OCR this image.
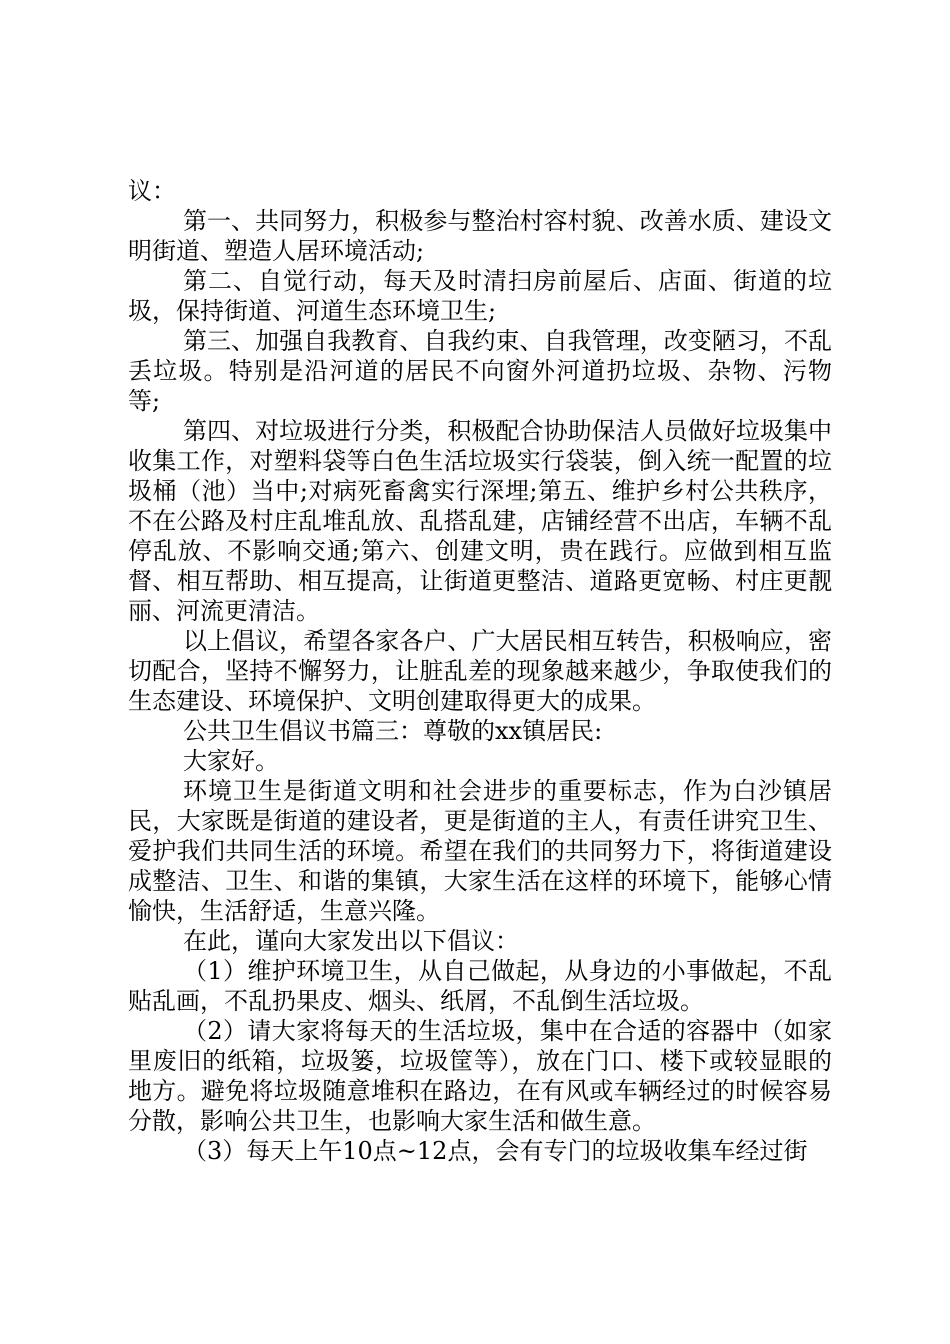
议：

第一、共同努力，积极参与整治村容村貌、改善水质、建设文明街道、塑造人居环境活动;

第二、自觉行动，每天及时清扫房前屋后、店面、街道的垃圾，保持街道、河道生态环境卫生;

第三、加强自我教育、自我约束、自我管理，改变陋习，不乱丢垃圾。特别是沿河道的居民不向窗外河道扔垃圾、杂物、污物等;

第四、对垃圾进行分类，积极配合协助保洁人员做好垃圾集中收集工作，对塑料袋等白色生活垃圾实行袋装，倒入统一配置的垃圾桶（池）当中;对病死畜禽实行深埋;第五、维护乡村公共秩序，不在公路及村庄乱堆乱放、乱搭乱建，店铺经营不出店，车辆不乱停乱放、不影响交通;第六、创建文明，贵在践行。应做到相互监督、相互帮助、相互提高，让街道更整洁、道路更宽畅、村庄更靓丽、河流更清洁。

以上倡议，希望各家各户、广大居民相互转告，积极响应，密切配合，坚持不懈努力，让脏乱差的现象越来越少，争取使我们的生态建设、环境保护、文明创建取得更大的成果。

公共卫生倡议书篇三：尊敬的xx镇居民:

大家好。

环境卫生是街道文明和社会进步的重要标志，作为白沙镇居民，大家既是街道的建设者，更是街道的主人，有责任讲究卫生、爱护我们共同生活的环境。希望在我们的共同努力下，将街道建设成整洁、卫生、和谐的集镇，大家生活在这样的环境下，能够心情愉快，生活舒适，生意兴隆。

在此，谨向大家发出以下倡议：

（1）维护环境卫生，从自己做起，从身边的小事做起，不乱贴乱画，不乱扔果皮、烟头、纸屑，不乱倒生活垃圾。

（2）请大家将每天的生活垃圾，集中在合适的容器中（如家里废旧的纸箱，垃圾篓，垃圾筐等），放在门口、楼下或较显眼的地方。避免将垃圾随意堆积在路边，在有风或车辆经过的时候容易分散，影响公共卫生，也影响大家生活和做生意。

（3）每天上午10点~12点，会有专门的垃圾收集车经过街
